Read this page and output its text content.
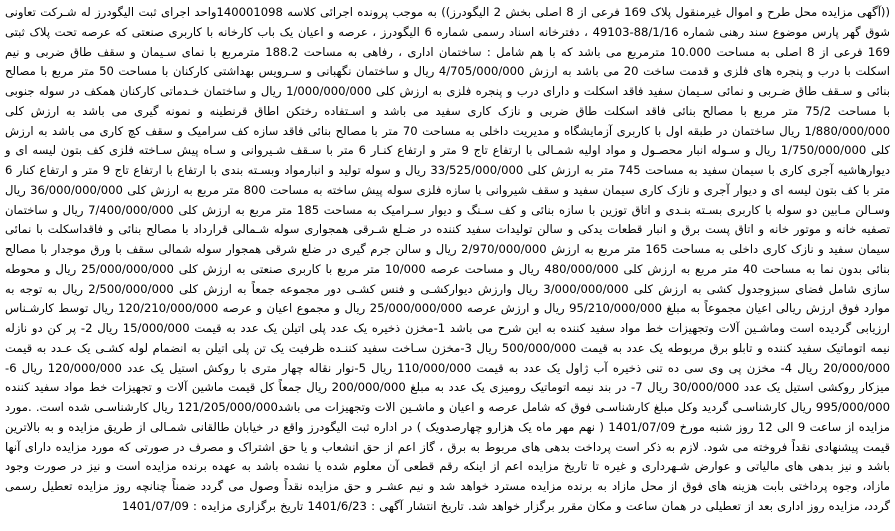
((آگهی مزایده محل طرح و اموال غیرمنقول پلاک 169 فرعی از 8 اصلی بخش 2 الیگودرز)) به موجب پرونده اجرائی کلاسه 140001098واحد اجرای ثبت الیگودرز له شـرکت تعاونی شوق گهر پارس موضوع سند رهنی شماره 88/1/16-49103 ، دفترخانه اسناد رسمی شماره 6 الیگودرز ، عرصه و اعیان یک باب کارخانه با کاربری صنعتی که عرصه تحت پلاک ثبتی 169 فرعی از 8 اصلی به مساحت 10.000 مترمربع می باشد که با هم شامل : ساختمان اداری ، رفاهی به مساحت 188.2 مترمربع با نمای سـیمان و سقف طاق ضربی و نیم اسکلت با درب و پنجره های فلزی و قدمت ساخت 20 می باشد به ارزش 4/705/000/000 ریال و ساختمان نگهبانی و سـرویس بهداشتی کارکنان با مساحت 50 متر مربع با مصالح بنائی و سـقف طاق ضـربی و نمائی سـیمان سفید فاقد اسکلت و دارای درب و پنجره فلزی به ارزش کلی 1/000/000/000 ریال و ساختمان خـدماتی کارکنان همکف در سوله جنوبی با مساحت 75/2 متر مربع با مصالح بنائی فاقد اسکلت طاق ضربی و نازک کاری سفید می باشد و اسـتفاده رختکن اطاق قرنطینه و نمونه گیری می باشد به ارزش کلی 1/880/000/000 ریال ساختمان در طبقه اول با کاربری آزمایشگاه و مدیریت داخلی به مساحت 70 متر با مصالح بنائی فاقد سازه کف سرامیک و سقف کچ کاری می باشد به ارزش کلی 1/750/000/000 ریال و سـوله انبار محصـول و مواد اولیه شمـالی با ارتفاع تاج 9 متر و ارتفاع کنـار 6 متر با سـقف شـیروانی و سـاه پیش سـاخته فلزی کف بتون لیسه ای و دیوارهاشیه آجری کاری با سیمان سفید به مساحت 745 متر به ارزش کلی 33/525/000/000 ریال و سوله تولید و انبارمواد وبسـته بندی با ارتفاع با ارتفاع تاج 9 متر و ارتفاع کنار 6 متر با کف بتون لیسه ای و دیوار آجری و نازک کاری سیمان سفید و سقف شیروانی با سازه فلزی سوله پیش ساخته به مساحت 800 متر مربع به ارزش کلی 36/000/000/000 ریال وسـالن مـابین دو سوله با کاربری بسـته بنـدی و اتاق توزین با سازه بنائی و کف سـنگ و دیوار سـرامیک به مساحت 185 متر مربع به ارزش کلی 7/400/000/000 ریال و ساختمان تصفیه خانه و موتور خانه و اتاق پست برق و انبار قطعات یدکی و سالن تولیدات سفید کننده در ضـلع شـرقی همجواری سوله شـمالی قرارداد با مصالح بنائی و فاقداسکلت با نمائی سیمان سفید و نازک کاری داخلی به مساحت 165 متر مربع به ارزش 2/970/000/000 ریال و سالن جرم گیری در ضلع شرقی همجوار سوله شمالی سقف با ورق موجدار با مصالح بنائی بدون نما به مساحت 40 متر مربع به ارزش کلی 480/000/000 ریال و مساحت عرصه 10/000 متر مربع با کاربری صنعتی به ارزش کلی 25/000/000/000 ریال و محوطه سازی شامل فضای سبزوجدول کشی به ارزش کلی 3/000/000/000 ریال وارزش دیوارکشـی و فنس کشـی دور مجموعه جمعاً به ارزش کلی 2/500/000/000 ریال به توجه به موارد فوق ارزش ریالی اعیان مجموعاً به مبلغ 95/210/000/000 ریال و ارزش عرصه 25/000/000/000 ریال و مجموع اعیان و عرصه 120/210/000/000 ریال توسط کارشـناس ارزیابی گردیده است وماشـین آلات وتجهیزات خط مواد سفید کننده به این شرح می باشد 1-مخزن ذخیره یک عدد پلی اتیلن یک عدد به قیمت 15/000/000 ریال 2- پر کن دو نازله نیمه اتوماتیک سفید کننده و تابلو برق مربوطه یک عدد به قیمت 500/000/000 ریال 3-مخزن سـاخت سفید کننـده ظرفیت یک تن پلی اتیلن به انضمام لوله کشـی یک عـدد به قیمت 20/000/000 ریال 4- مخزن پی وی سی ده تنی ذخیره آب ژاول یک عدد به قیمت 110/000/000 ریال 5-نوار نقاله چهار متری با روکش استیل یک عدد 120/000/000 ریال 6- میزکار روکشی استیل یک عدد 30/000/000 ریال 7- در بند نیمه اتوماتیک رومیزی یک عدد به مبلغ 200/000/000 ریال جمعاً کل قیمت ماشین آلات و تجهیزات خط مواد سفید کننده 995/000/000 ریال کارشناسـی گردید وکل مبلغ کارشناسـی فوق که شامل عرصه و اعیان و ماشـین الات وتجهیزات می باشد121/205/000/000 ریال کارشناسـی شده است. .مورد مزایده از ساعت 9 الی 12 روز شنبه مورخ 1401/07/09 ( نهم مهر ماه یک هزارو چهارصدویک ) در اداره ثبت الیگودرز واقع در خیابان طالقانی شمـالی از طریق مزایده و به بالاترین قیمت پیشنهادی نقداً فروخته می شود. لازم به ذکر است پرداخت بدهی های مربوط به برق ، گاز اعم از حق انشعاب و یا حق اشتراک و مصرف در صورتی که مورد مزایده دارای آنها باشد و نیز بدهی های مالیاتی و عوارض شـهرداری و غیره تا تاریخ مزایده اعم از اینکه رقم قطعی آن معلوم شده یا نشده باشد به عهده برنده مزایده است و نیز در صورت وجود مازاد، وجوه پرداختی بابت هزینه های فوق از محل مازاد به برنده مزایده مسترد خواهد شد و نیم عشـر و حق مزایده نقداً وصول می گردد ضمناً چنانچه روز مزایده تعطیل رسمی گردد، مزایده روز اداری بعد از تعطیلی در همان ساعت و مکان مقرر برگزار خواهد شد. تاریخ انتشار آگهی : 1401/6/23 تاریخ برگزاری مزایده : 1401/07/09
